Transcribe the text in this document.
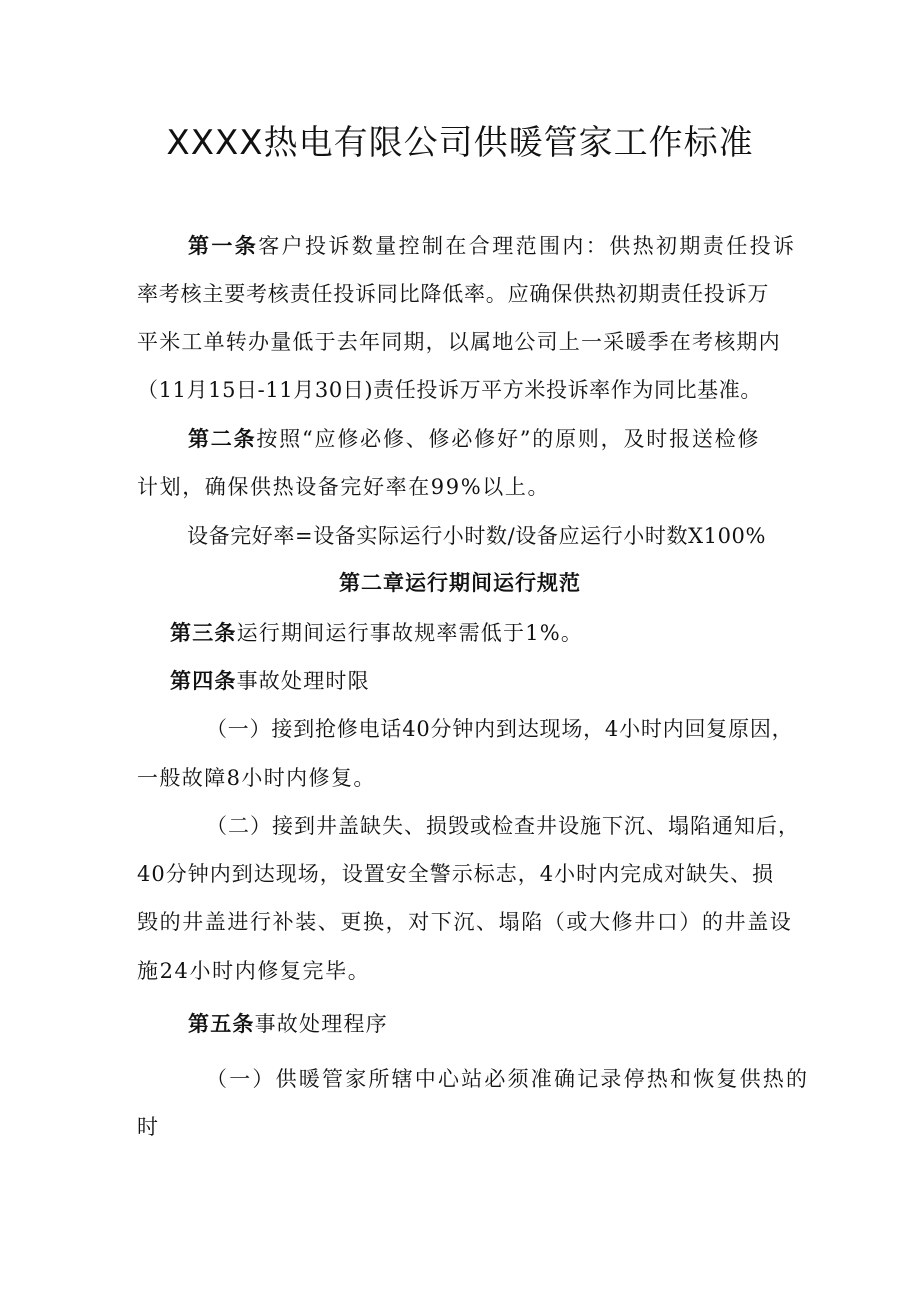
XXXX热电有限公司供暖管家工作标准
第一条客户投诉数量控制在合理范围内：供热初期责任投诉
率考核主要考核责任投诉同比降低率。应确保供热初期责任投诉万
平米工单转办量低于去年同期，以属地公司上一采暖季在考核期内
（11月15日-11月30日)责任投诉万平方米投诉率作为同比基准。
第二条按照“应修必修、修必修好”的原则，及时报送检修
计划，确保供热设备完好率在99%以上。
设备完好率=设备实际运行小时数/设备应运行小时数X100%
第二章运行期间运行规范
第三条运行期间运行事故规率需低于1%。
第四条事故处理时限
（一）接到抢修电话40分钟内到达现场，4小时内回复原因，
一般故障8小时内修复。
（二）接到井盖缺失、损毁或检查井设施下沉、塌陷通知后，
40分钟内到达现场，设置安全警示标志，4小时内完成对缺失、损
毁的井盖进行补装、更换，对下沉、塌陷（或大修井口）的井盖设
施24小时内修复完毕。
第五条事故处理程序
（一）供暖管家所辖中心站必须准确记录停热和恢复供热的
时
